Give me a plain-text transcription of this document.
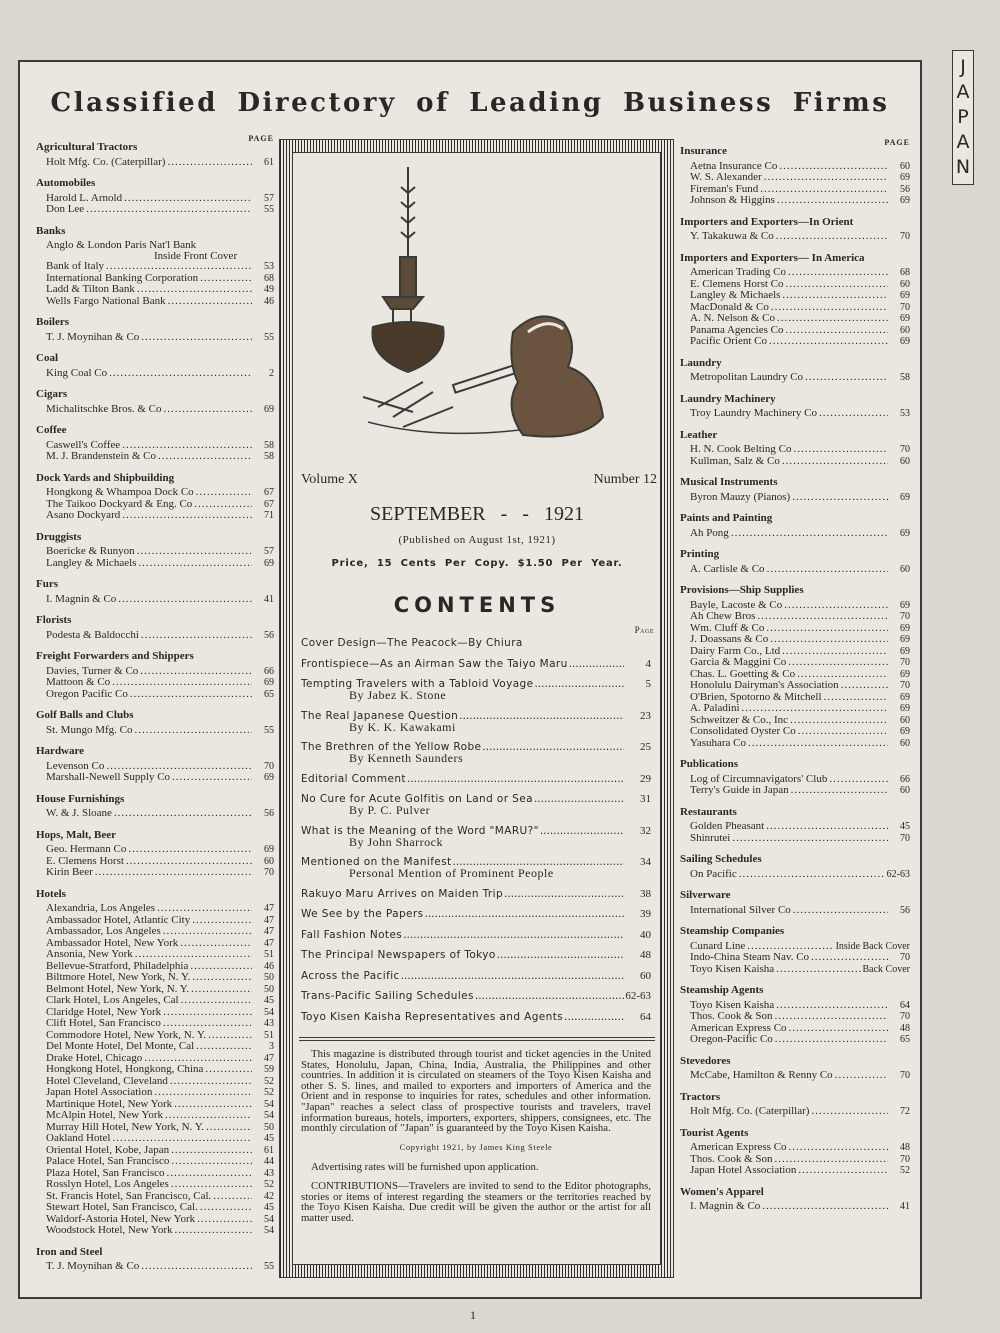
J
A
P
A
N
Classified Directory of Leading Business Firms
PAGE
Agricultural Tractors
Holt Mfg. Co. (Caterpillar) .....	61
Automobiles
Harold L. Arnold .....	57
Don Lee .....	55
Banks
Anglo & London Paris Nat'l Bank
Inside Front Cover
Bank of Italy .....	53
International Banking Corporation .....	68
Ladd & Tilton Bank .....	49
Wells Fargo National Bank .....	46
Boilers
T. J. Moynihan & Co .....	55
Coal
King Coal Co .....	2
Cigars
Michalitschke Bros. & Co .....	69
Coffee
Caswell's Coffee .....	58
M. J. Brandenstein & Co .....	58
Dock Yards and Shipbuilding
Hongkong & Whampoa Dock Co .....	67
The Taikoo Dockyard & Eng. Co .....	67
Asano Dockyard .....	71
Druggists
Boericke & Runyon .....	57
Langley & Michaels .....	69
Furs
I. Magnin & Co .....	41
Florists
Podesta & Baldocchi .....	56
Freight Forwarders and Shippers
Davies, Turner & Co .....	66
Mattoon & Co .....	69
Oregon Pacific Co .....	65
Golf Balls and Clubs
St. Mungo Mfg. Co .....	55
Hardware
Levenson Co .....	70
Marshall-Newell Supply Co .....	69
House Furnishings
W. & J. Sloane .....	56
Hops, Malt, Beer
Geo. Hermann Co .....	69
E. Clemens Horst .....	60
Kirin Beer .....	70
Hotels
Alexandria, Los Angeles .....	47
Ambassador Hotel, Atlantic City .....	47
Ambassador, Los Angeles .....	47
Ambassador Hotel, New York .....	47
Ansonia, New York .....	51
Bellevue-Stratford, Philadelphia .....	46
Biltmore Hotel, New York, N. Y. .....	50
Belmont Hotel, New York, N. Y. .....	50
Clark Hotel, Los Angeles, Cal .....	45
Claridge Hotel, New York .....	54
Clift Hotel, San Francisco .....	43
Commodore Hotel, New York, N. Y. .....	51
Del Monte Hotel, Del Monte, Cal .....	3
Drake Hotel, Chicago .....	47
Hongkong Hotel, Hongkong, China .....	59
Hotel Cleveland, Cleveland .....	52
Japan Hotel Association .....	52
Martinique Hotel, New York .....	54
McAlpin Hotel, New York .....	54
Murray Hill Hotel, New York, N. Y. .....	50
Oakland Hotel .....	45
Oriental Hotel, Kobe, Japan .....	61
Palace Hotel, San Francisco .....	44
Plaza Hotel, San Francisco .....	43
Rosslyn Hotel, Los Angeles .....	52
St. Francis Hotel, San Francisco, Cal. .....	42
Stewart Hotel, San Francisco, Cal. .....	45
Waldorf-Astoria Hotel, New York .....	54
Woodstock Hotel, New York .....	54
Iron and Steel
T. J. Moynihan & Co .....	55
Volume X	Number 12
SEPTEMBER - - 1921
(Published on August 1st, 1921)
Price, 15 Cents Per Copy. $1.50 Per Year.
CONTENTS
Page
Cover Design—The Peacock—By Chiura
Frontispiece—As an Airman Saw the Taiyo Maru .....	4
Tempting Travelers with a Tabloid Voyage .....	5
By Jabez K. Stone
The Real Japanese Question .....	23
By K. K. Kawakami
The Brethren of the Yellow Robe .....	25
By Kenneth Saunders
Editorial Comment .....	29
No Cure for Acute Golfitis on Land or Sea .....	31
By P. C. Pulver
What is the Meaning of the Word "MARU?" .....	32
By John Sharrock
Mentioned on the Manifest .....	34
Personal Mention of Prominent People
Rakuyo Maru Arrives on Maiden Trip .....	38
We See by the Papers .....	39
Fall Fashion Notes .....	40
The Principal Newspapers of Tokyo .....	48
Across the Pacific .....	60
Trans-Pacific Sailing Schedules .....	62-63
Toyo Kisen Kaisha Representatives and Agents .....	64

This magazine is distributed through tourist and ticket agencies in the United States, Honolulu, Japan, China, India, Australia, the Philippines and other countries. In addition it is circulated on steamers of the Toyo Kisen Kaisha and other S. S. lines, and mailed to exporters and importers of America and the Orient and in response to inquiries for rates, schedules and other information. "Japan" reaches a select class of prospective tourists and travelers, travel information bureaus, hotels, importers, exporters, shippers, consignees, etc. The monthly circulation of "Japan" is guaranteed by the Toyo Kisen Kaisha.

Copyright 1921, by James King Steele

Advertising rates will be furnished upon application.

CONTRIBUTIONS—Travelers are invited to send to the Editor photographs, stories or items of interest regarding the steamers or the territories reached by the Toyo Kisen Kaisha. Due credit will be given the author or the artist for all matter used.

PAGE
Insurance
Aetna Insurance Co .....	60
W. S. Alexander .....	69
Fireman's Fund .....	56
Johnson & Higgins .....	69
Importers and Exporters—In Orient
Y. Takakuwa & Co .....	70
Importers and Exporters— In America
American Trading Co .....	68
E. Clemens Horst Co .....	60
Langley & Michaels .....	69
MacDonald & Co .....	70
A. N. Nelson & Co .....	69
Panama Agencies Co .....	60
Pacific Orient Co .....	69
Laundry
Metropolitan Laundry Co .....	58
Laundry Machinery
Troy Laundry Machinery Co .....	53
Leather
H. N. Cook Belting Co .....	70
Kullman, Salz & Co .....	60
Musical Instruments
Byron Mauzy (Pianos) .....	69
Paints and Painting
Ah Pong .....	69
Printing
A. Carlisle & Co .....	60
Provisions—Ship Supplies
Bayle, Lacoste & Co .....	69
Ah Chew Bros .....	70
Wm. Cluff & Co .....	69
J. Doassans & Co .....	69
Dairy Farm Co., Ltd .....	69
Garcia & Maggini Co .....	70
Chas. L. Goetting & Co .....	69
Honolulu Dairyman's Association .....	70
O'Brien, Spotorno & Mitchell .....	69
A. Paladini .....	69
Schweitzer & Co., Inc .....	60
Consolidated Oyster Co .....	69
Yasuhara Co .....	60
Publications
Log of Circumnavigators' Club .....	66
Terry's Guide in Japan .....	60
Restaurants
Golden Pheasant .....	45
Shinrutei .....	70
Sailing Schedules
On Pacific .....	62-63
Silverware
International Silver Co .....	56
Steamship Companies
Cunard Line .....	Inside Back Cover
Indo-China Steam Nav. Co .....	70
Toyo Kisen Kaisha .....	Back Cover
Steamship Agents
Toyo Kisen Kaisha .....	64
Thos. Cook & Son .....	70
American Express Co .....	48
Oregon-Pacific Co .....	65
Stevedores
McCabe, Hamilton & Renny Co .....	70
Tractors
Holt Mfg. Co. (Caterpillar) .....	72
Tourist Agents
American Express Co .....	48
Thos. Cook & Son .....	70
Japan Hotel Association .....	52
Women's Apparel
I. Magnin & Co .....	41
1
